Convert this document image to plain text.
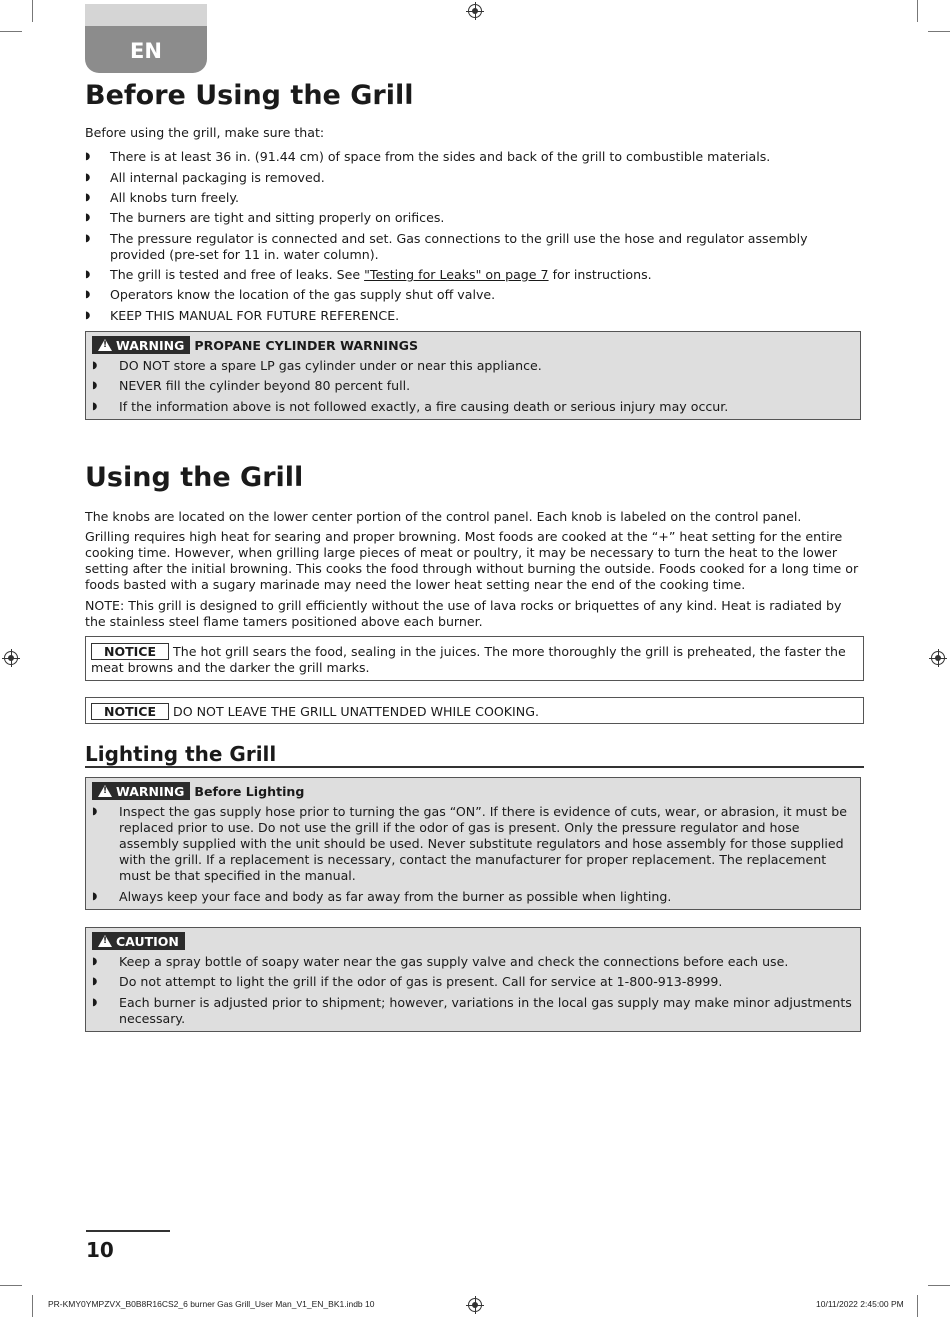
EN
Before Using the Grill
Before using the grill, make sure that:
◗ There is at least 36 in. (91.44 cm) of space from the sides and back of the grill to combustible materials.
◗ All internal packaging is removed.
◗ All knobs turn freely.
◗ The burners are tight and sitting properly on orifices.
◗ The pressure regulator is connected and set. Gas connections to the grill use the hose and regulator assembly provided (pre-set for 11 in. water column).
◗ The grill is tested and free of leaks. See "Testing for Leaks" on page 7 for instructions.
◗ Operators know the location of the gas supply shut off valve.
◗ KEEP THIS MANUAL FOR FUTURE REFERENCE.
!
WARNING PROPANE CYLINDER WARNINGS
◗ DO NOT store a spare LP gas cylinder under or near this appliance.
◗ NEVER fill the cylinder beyond 80 percent full.
◗ If the information above is not followed exactly, a fire causing death or serious injury may occur.
Using the Grill
The knobs are located on the lower center portion of the control panel. Each knob is labeled on the control panel.
Grilling requires high heat for searing and proper browning. Most foods are cooked at the “+” heat setting for the entire cooking time. However, when grilling large pieces of meat or poultry, it may be necessary to turn the heat to the lower setting after the initial browning. This cooks the food through without burning the outside. Foods cooked for a long time or foods basted with a sugary marinade may need the lower heat setting near the end of the cooking time.
NOTE: This grill is designed to grill efficiently without the use of lava rocks or briquettes of any kind. Heat is radiated by the stainless steel flame tamers positioned above each burner.
NOTICE The hot grill sears the food, sealing in the juices. The more thoroughly the grill is preheated, the faster the meat browns and the darker the grill marks.
NOTICE DO NOT LEAVE THE GRILL UNATTENDED WHILE COOKING.
Lighting the Grill
!
WARNING Before Lighting
◗ Inspect the gas supply hose prior to turning the gas “ON”. If there is evidence of cuts, wear, or abrasion, it must be replaced prior to use. Do not use the grill if the odor of gas is present. Only the pressure regulator and hose assembly supplied with the unit should be used. Never substitute regulators and hose assembly for those supplied with the grill. If a replacement is necessary, contact the manufacturer for proper replacement. The replacement must be that specified in the manual.
◗ Always keep your face and body as far away from the burner as possible when lighting.
!
CAUTION
◗ Keep a spray bottle of soapy water near the gas supply valve and check the connections before each use.
◗ Do not attempt to light the grill if the odor of gas is present. Call for service at 1-800-913-8999.
◗ Each burner is adjusted prior to shipment; however, variations in the local gas supply may make minor adjustments necessary.
10
PR-KMY0YMPZVX_B0B8R16CS2_6 burner Gas Grill_User Man_V1_EN_BK1.indb 10	10/11/2022 2:45:00 PM
